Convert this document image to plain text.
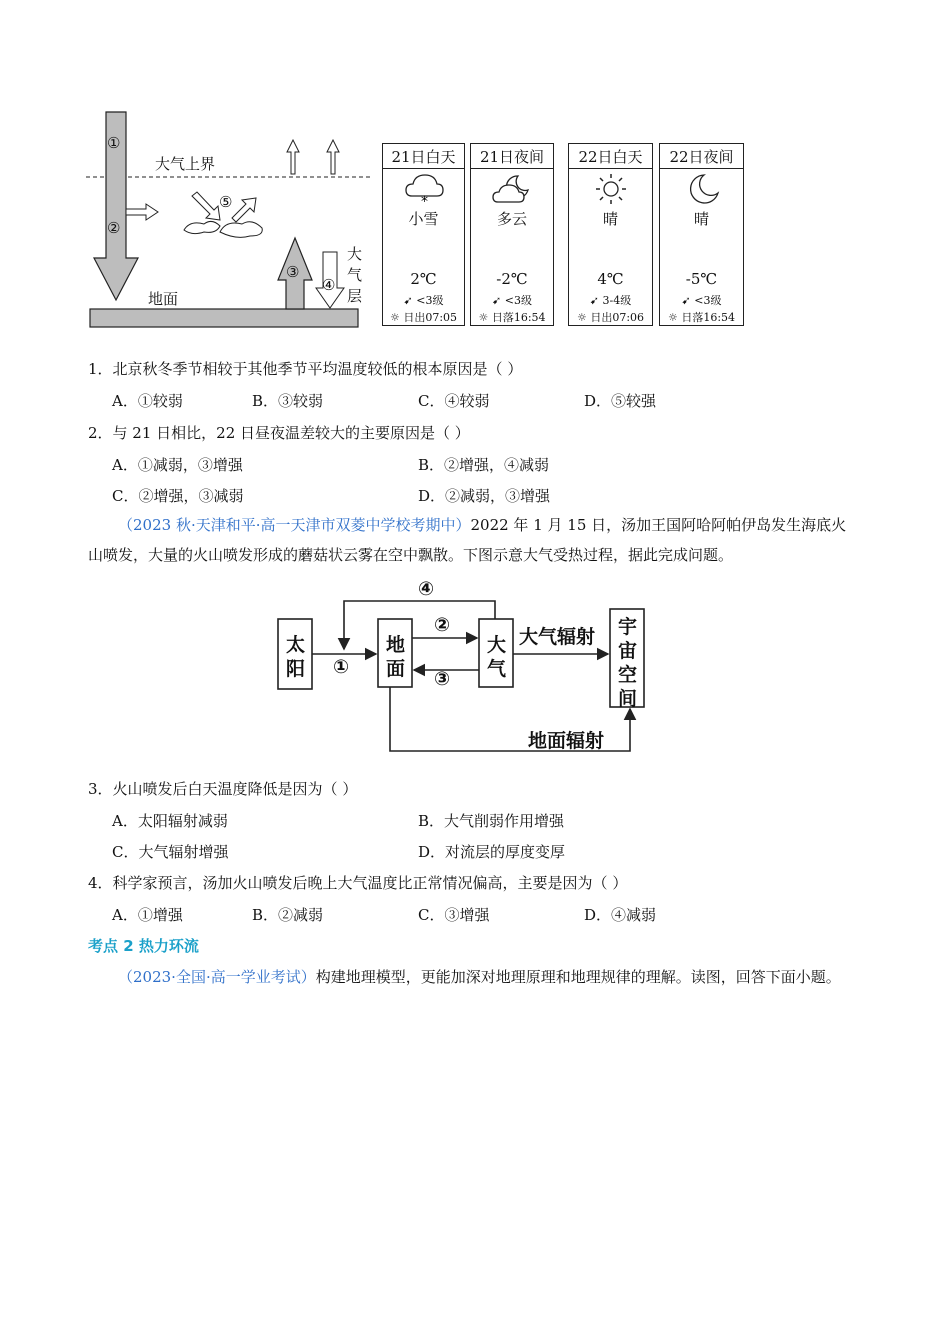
①
②
③
④
⑤
大气上界
地面
大
气
层
21日白天
*
小雪
2℃
➹ <3级
☼ 日出07:05
21日夜间
多云
-2℃
➹ <3级
☼ 日落16:54
22日白天
晴
4℃
➹ 3-4级
☼ 日出07:06
22日夜间
晴
-5℃
➹ <3级
☼ 日落16:54
1．北京秋冬季节相较于其他季节平均温度较低的根本原因是（ ）
A．①较弱	B．③较弱	C．④较弱	D．⑤较强
2．与 21 日相比，22 日昼夜温差较大的主要原因是（ ）
A．①减弱，③增强	B．②增强，④减弱
C．②增强，③减弱	D．②减弱，③增强
（2023 秋·天津和平·高一天津市双菱中学校考期中）2022 年 1 月 15 日，汤加王国阿哈阿帕伊岛发生海底火山喷发，大量的火山喷发形成的蘑菇状云雾在空中飘散。下图示意大气受热过程，据此完成问题。
太
阳
地
面
大
气
宇
宙
空
间
①
②
③
④
大气辐射
地面辐射
3．火山喷发后白天温度降低是因为（ ）
A．太阳辐射减弱	B．大气削弱作用增强
C．大气辐射增强	D．对流层的厚度变厚
4．科学家预言，汤加火山喷发后晚上大气温度比正常情况偏高，主要是因为（ ）
A．①增强	B．②减弱	C．③增强	D．④减弱
考点 2 热力环流
（2023·全国·高一学业考试）构建地理模型，更能加深对地理原理和地理规律的理解。读图，回答下面小题。
